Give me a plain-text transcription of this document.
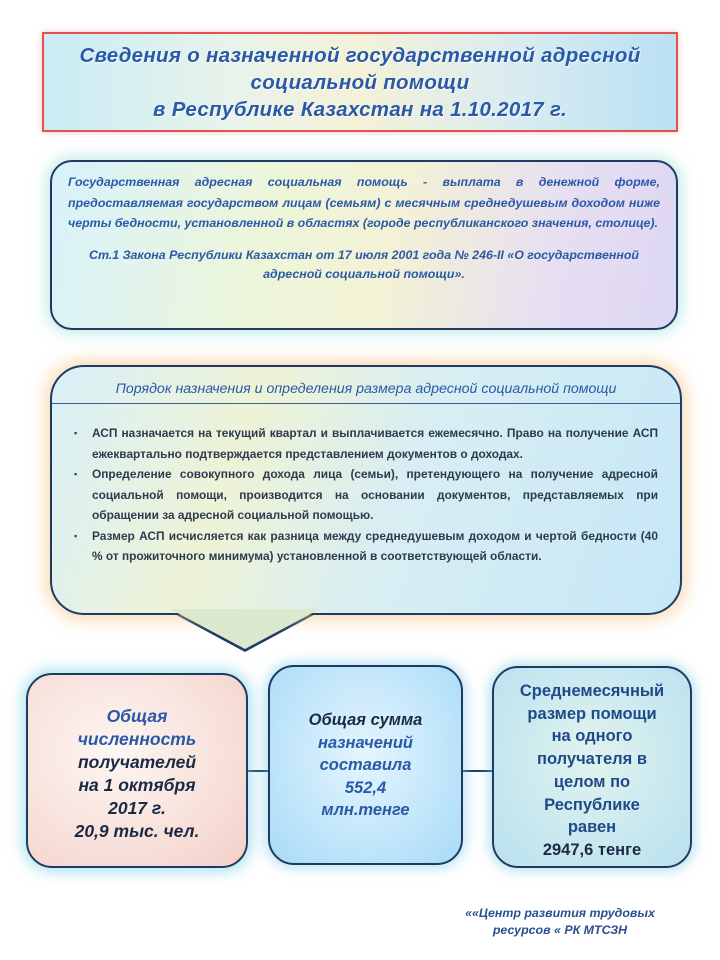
Сведения о назначенной государственной адресной
социальной помощи
в Республике Казахстан на 1.10.2017 г.
Государственная адресная социальная помощь - выплата в денежной форме, предоставляемая государством лицам (семьям) с месячным среднедушевым доходом ниже черты бедности, установленной в областях (городе республиканского значения, столице).
Ст.1 Закона Республики Казахстан от 17 июля 2001 года № 246-II «О государственной адресной социальной помощи».
Порядок назначения и определения размера адресной социальной помощи
▪ АСП назначается на текущий квартал и выплачивается ежемесячно. Право на получение АСП ежеквартально подтверждается представлением документов о доходах.
▪ Определение совокупного дохода лица (семьи), претендующего на получение адресной социальной помощи, производится на основании документов, представляемых при обращении за адресной социальной помощью.
▪ Размер АСП исчисляется как разница между среднедушевым доходом и чертой бедности (40 % от прожиточного минимума) установленной в соответствующей области.
Общая
численность
получателей
на 1 октября
2017 г.
20,9 тыс. чел.
Общая сумма
назначений
составила
552,4
млн.тенге
Среднемесячный
размер помощи
на одного
получателя в
целом по
Республике
равен
2947,6 тенге
««Центр развития трудовых
ресурсов « РК МТСЗН
